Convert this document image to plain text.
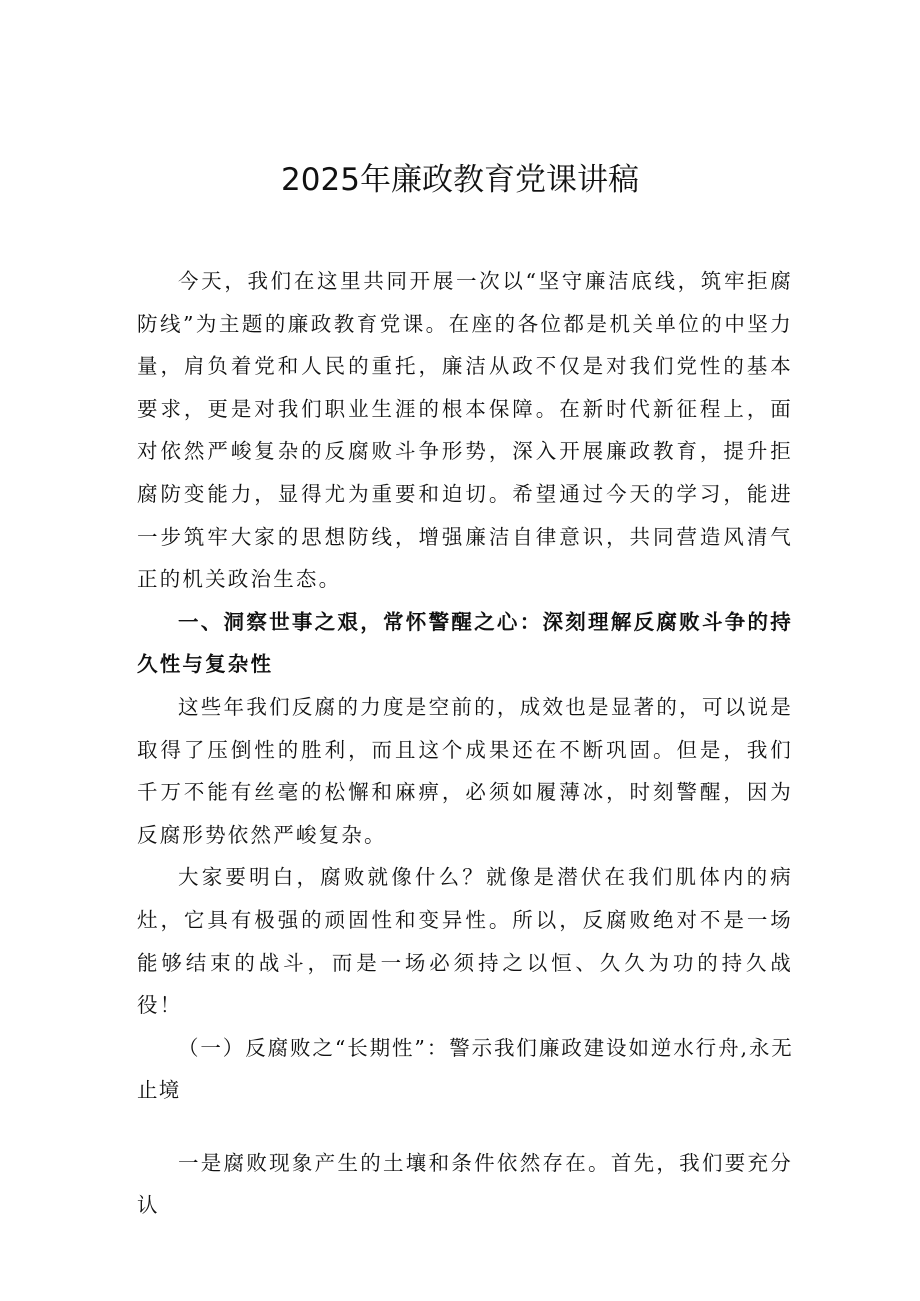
2025年廉政教育党课讲稿

今天，我们在这里共同开展一次以“坚守廉洁底线，筑牢拒腐防线”为主题的廉政教育党课。在座的各位都是机关单位的中坚力量，肩负着党和人民的重托，廉洁从政不仅是对我们党性的基本要求，更是对我们职业生涯的根本保障。在新时代新征程上，面对依然严峻复杂的反腐败斗争形势，深入开展廉政教育，提升拒腐防变能力，显得尤为重要和迫切。希望通过今天的学习，能进一步筑牢大家的思想防线，增强廉洁自律意识，共同营造风清气正的机关政治生态。

一、洞察世事之艰，常怀警醒之心：深刻理解反腐败斗争的持久性与复杂性

这些年我们反腐的力度是空前的，成效也是显著的，可以说是取得了压倒性的胜利，而且这个成果还在不断巩固。但是，我们千万不能有丝毫的松懈和麻痹，必须如履薄冰，时刻警醒，因为反腐形势依然严峻复杂。

大家要明白，腐败就像什么？就像是潜伏在我们肌体内的病灶，它具有极强的顽固性和变异性。所以，反腐败绝对不是一场能够结束的战斗，而是一场必须持之以恒、久久为功的持久战役！

（一）反腐败之“长期性”：警示我们廉政建设如逆水行舟,永无止境

一是腐败现象产生的土壤和条件依然存在。首先，我们要充分认
